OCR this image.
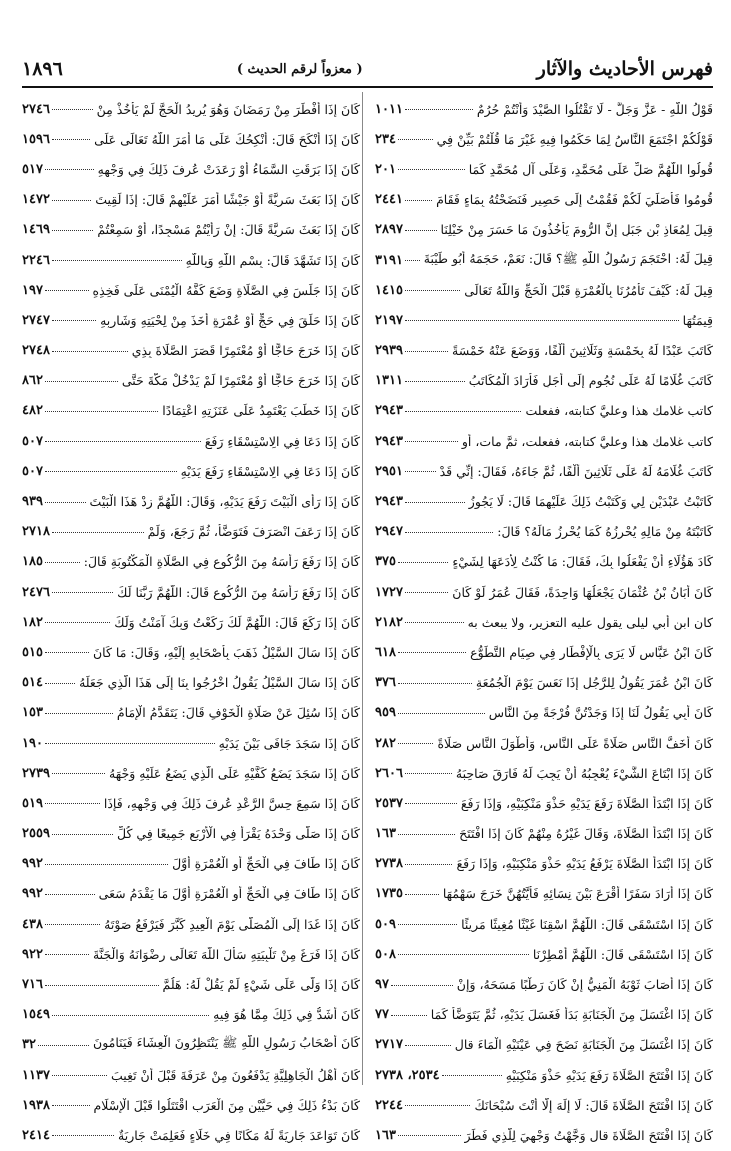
فهرس الأحاديث والآثار
( معزواً لرقم الحديث )
١٨٩٦
قَوْلُ اللَّهِ - عَزَّ وَجَلَّ - لَا تَقْتُلُوا الصَّيْدَ وَأَنْتُمْ حُرُمٌ
١٠١١
قَوْلُكُمْ اجْتَمَعَ النَّاسُ لِمَا حَكَمُوا فِيهِ غَيْرَ مَا قُلْتُمْ بَيِّنْ فِي
٢٣٤
قُولُوا اللَّهُمَّ صَلِّ عَلَى مُحَمَّدٍ، وَعَلَى آلِ مُحَمَّدٍ كَمَا
٢٠١
قُومُوا فَأُصَلِّيَ لَكُمْ فَقُمْتُ إِلَى حَصِيرٍ فَنَضَحْتُهُ بِمَاءٍ فَقَامَ
٢٤٤١
قِيلَ لِمُعَاذِ بْنِ جَبَلٍ إِنَّ الرُّومَ يَأْخُذُونَ مَا حَسَرَ مِنْ خَيْلِنَا
٢٨٩٧
قِيلَ لَهُ: احْتَجَمَ رَسُولُ اللَّهِ ﷺ؟ قَالَ: نَعَمْ، حَجَمَهُ أَبُو طَيْبَةَ
٣١٩١
قِيلَ لَهُ: كَيْفَ تَأْمُرُنَا بِالْعُمْرَةِ قَبْلَ الْحَجِّ وَاللَّهُ تَعَالَى
١٤١٥
قِيمَتُهَا
٢١٩٧
كَاتَبَ عَبْدًا لَهُ بِخَمْسَةٍ وَثَلَاثِينَ أَلْفًا، وَوَضَعَ عَنْهُ خَمْسَةً
٢٩٣٩
كَاتَبَ غُلَامًا لَهُ عَلَى نُجُومٍ إِلَى أَجَلٍ فَأَرَادَ الْمُكَاتَبُ
١٣١١
كاتب غلامك هذا وعليَّ كتابته، ففعلت
٢٩٤٣
كاتب غلامك هذا وعليَّ كتابته، ففعلت، ثمَّ مات، أو
٢٩٤٣
كَاتَبَ غُلَامَهُ لَهُ عَلَى ثَلَاثِينَ أَلْفًا، ثُمَّ جَاءَهُ، فَقَالَ: إِنِّي قَدْ
٢٩٥١
كَاتَبْتُ عَبْدَيْنِ لِي وَكَتَبْتُ ذَلِكَ عَلَيْهِمَا قَالَ: لَا يَجُوزُ
٢٩٤٣
كَاتَبْتَهُ مِنْ مَالِهِ يُحْرِزُهُ كَمَا يُحْرِزُ مَالَهُ؟ قَالَ:
٢٩٤٧
كَادَ هَؤُلَاءِ أَنْ يَفْعَلُوا بِكَ، فَقَالَ: مَا كُنْتُ لِأَدَعَهَا لِشَيْءٍ
٣٧٥
كَانَ أَبَانُ بْنُ عُثْمَانَ يَجْعَلُهَا وَاحِدَةً، فَقَالَ عُمَرُ لَوْ كَانَ
١٧٢٧
كان ابن أبي ليلى يقول عليه التعزير، ولا يبعث به
٢١٨٢
كَانَ ابْنُ عَبَّاسٍ لَا يَرَى بِالْإِفْطَارِ فِي صِيَامِ التَّطَوُّعِ
٦١٨
كَانَ ابْنُ عُمَرَ يَقُولُ لِلرَّجُلِ إِذَا نَعَسَ يَوْمَ الْجُمُعَةِ
٣٧٦
كَانَ أَبِي يَقُولُ لَنَا إِذَا وَجَدْتُنَّ فُرْجَةً مِنَ النَّاسِ
٩٥٩
كَانَ أَخَفَّ النَّاسِ صَلَاةً عَلَى النَّاسِ، وَأَطْوَلَ النَّاسِ صَلَاةً
٢٨٢
كَانَ إِذَا ابْتَاعَ الشَّيْءَ يُعْجِبُهُ أَنْ يَجِبَ لَهُ فَارَقَ صَاحِبَهُ
٢٦٠٦
كَانَ إِذَا ابْتَدَأَ الصَّلَاةَ رَفَعَ يَدَيْهِ حَذْوَ مَنْكِبَيْهِ، وَإِذَا رَفَعَ
٢٥٣٧
كَانَ إِذَا ابْتَدَأَ الصَّلَاةَ، وَقَالَ غَيْرُهُ مِنْهُمْ كَانَ إِذَا افْتَتَحَ
١٦٣
كَانَ إِذَا ابْتَدَأَ الصَّلَاةَ يَرْفَعُ يَدَيْهِ حَذْوَ مَنْكِبَيْهِ، وَإِذَا رَفَعَ
٢٧٣٨
كَانَ إِذَا أَرَادَ سَفَرًا أَقْرَعَ بَيْنَ نِسَائِهِ فَأَيَّتُهُنَّ خَرَجَ سَهْمُهَا
١٧٣٥
كَانَ إِذَا اسْتَسْقَى قَالَ: اللَّهُمَّ اسْقِنَا غَيْثًا مُغِيثًا مَرِيئًا
٥٠٩
كَانَ إِذَا اسْتَسْقَى قَالَ: اللَّهُمَّ أَمْطِرْنَا
٥٠٨
كَانَ إِذَا أَصَابَ ثَوْبَهُ الْمَنِيُّ إِنْ كَانَ رَطْبًا مَسَحَهُ، وَإِنْ
٩٧
كَانَ إِذَا اغْتَسَلَ مِنَ الْجَنَابَةِ بَدَأَ فَغَسَلَ يَدَيْهِ، ثُمَّ يَتَوَضَّأُ كَمَا
٧٧
كَانَ إِذَا اغْتَسَلَ مِنَ الْجَنَابَةِ نَضَحَ فِي عَيْنَيْهِ الْمَاءَ قال
٢٧١٧
كَانَ إِذَا افْتَتَحَ الصَّلَاةَ رَفَعَ يَدَيْهِ حَذْوَ مَنْكِبَيْهِ
٢٥٣٤، ٢٧٣٨
كَانَ إِذَا افْتَتَحَ الصَّلَاةَ قَالَ: لَا إِلَهَ إِلَّا أَنْتَ سُبْحَانَكَ
٢٢٤٤
كَانَ إِذَا افْتَتَحَ الصَّلَاةَ قال وَجَّهْتُ وَجْهِيَ لِلَّذِي فَطَرَ
١٦٣
كَانَ إِذَا أَفْطَرَ مِنْ رَمَضَانَ وَهُوَ يُرِيدُ الْحَجَّ لَمْ يَأْخُذْ مِنْ
٢٧٤٦
كَانَ إِذَا أَنْكَحَ قَالَ: أُنْكِحُكَ عَلَى مَا أَمَرَ اللَّهُ تَعَالَى عَلَى
١٥٩٦
كَانَ إِذَا بَرَقَتِ السَّمَاءُ أَوْ رَعَدَتْ عُرِفَ ذَلِكَ فِي وَجْهِهِ
٥١٧
كَانَ إِذَا بَعَثَ سَرِيَّةً أَوْ جَيْشًا أَمَرَ عَلَيْهِمْ قَالَ: إِذَا لَقِيتَ
١٤٧٢
كَانَ إِذَا بَعَثَ سَرِيَّةً قَالَ: إِنْ رَأَيْتُمْ مَسْجِدًا، أَوْ سَمِعْتُمْ
١٤٦٩
كَانَ إِذَا تَشَهَّدَ قَالَ: بِسْمِ اللَّهِ وَبِاللَّهِ
٢٢٤٦
كَانَ إِذَا جَلَسَ فِي الصَّلَاةِ وَضَعَ كَفَّهُ الْيُمْنَى عَلَى فَخِذِهِ
١٩٧
كَانَ إِذَا حَلَقَ فِي حَجٍّ أَوْ عُمْرَةٍ أَخَذَ مِنْ لِحْيَتِهِ وَشَارِبِهِ
٢٧٤٧
كَانَ إِذَا خَرَجَ حَاجًّا أَوْ مُعْتَمِرًا قَصَرَ الصَّلَاةَ بِذِي
٢٧٤٨
كَانَ إِذَا خَرَجَ حَاجًّا أَوْ مُعْتَمِرًا لَمْ يَدْخُلْ مَكَّةَ حَتَّى
٨٦٢
كَانَ إِذَا خَطَبَ يَعْتَمِدُ عَلَى عَنَزَتِهِ اعْتِمَادًا
٤٨٢
كَانَ إِذَا دَعَا فِي الِاسْتِسْقَاءِ رَفَعَ
٥٠٧
كَانَ إِذَا دَعَا فِي الِاسْتِسْقَاءِ رَفَعَ يَدَيْهِ
٥٠٧
كَانَ إِذَا رَأَى الْبَيْتَ رَفَعَ يَدَيْهِ، وَقَالَ: اللَّهُمَّ زِدْ هَذَا الْبَيْتَ
٩٣٩
كَانَ إِذَا رَعَفَ انْصَرَفَ فَتَوَضَّأَ، ثُمَّ رَجَعَ، وَلَمْ
٢٧١٨
كَانَ إِذَا رَفَعَ رَأْسَهُ مِنَ الرُّكُوعِ فِي الصَّلَاةِ الْمَكْتُوبَةِ قَالَ:
١٨٥
كَانَ إِذَا رَفَعَ رَأْسَهُ مِنَ الرُّكُوعِ قَالَ: اللَّهُمَّ رَبَّنَا لَكَ
٢٤٧٦
كَانَ إِذَا رَكَعَ قَالَ: اللَّهُمَّ لَكَ رَكَعْتُ وَبِكَ آمَنْتُ وَلَكَ
١٨٢
كَانَ إِذَا سَالَ السَّيْلُ ذَهَبَ بِأَصْحَابِهِ إِلَيْهِ، وَقَالَ: مَا كَانَ
٥١٥
كَانَ إِذَا سَالَ السَّيْلُ يَقُولُ اخْرُجُوا بِنَا إِلَى هَذَا الَّذِي جَعَلَهُ
٥١٤
كَانَ إِذَا سُئِلَ عَنْ صَلَاةِ الْخَوْفِ قَالَ: يَتَقَدَّمُ الْإِمَامُ
١٥٣
كَانَ إِذَا سَجَدَ جَافَى بَيْنَ يَدَيْهِ
١٩٠
كَانَ إِذَا سَجَدَ يَضَعُ كَفَّيْهِ عَلَى الَّذِي يَضَعُ عَلَيْهِ وَجْهَهُ
٢٧٣٩
كَانَ إِذَا سَمِعَ حِسَّ الرَّعْدِ عُرِفَ ذَلِكَ فِي وَجْهِهِ، فَإِذَا
٥١٩
كَانَ إِذَا صَلَّى وَحْدَهُ يَقْرَأُ فِي الْأَرْبَعِ جَمِيعًا فِي كُلِّ
٢٥٥٩
كَانَ إِذَا طَافَ فِي الْحَجِّ أَوِ الْعُمْرَةِ أَوَّلَ
٩٩٢
كَانَ إِذَا طَافَ فِي الْحَجِّ أَوِ الْعُمْرَةِ أَوَّلَ مَا يَقْدَمُ سَعَى
٩٩٢
كَانَ إِذَا غَدَا إِلَى الْمُصَلَّى يَوْمَ الْعِيدِ كَبَّرَ فَيَرْفَعُ صَوْتَهُ
٤٣٨
كَانَ إِذَا فَرَغَ مِنْ تَلْبِيَتِهِ سَأَلَ اللَّهَ تَعَالَى رِضْوَانَهُ وَالْجَنَّةَ
٩٢٢
كَانَ إِذَا وَلَّى عَلَى شَيْءٍ لَمْ يَقُلْ لَهُ: هَلُمَّ
٧١٦
كَانَ أَشَدُّ فِي ذَلِكَ مِمَّا هُوَ فِيهِ
١٥٤٩
كَانَ أَصْحَابُ رَسُولِ اللَّهِ ﷺ يَنْتَظِرُونَ الْعِشَاءَ فَيَنَامُونَ
٣٢
كَانَ أَهْلُ الْجَاهِلِيَّةِ يَدْفَعُونَ مِنْ عَرَفَةَ قَبْلَ أَنْ تَغِيبَ
١١٣٧
كَانَ بَدْءُ ذَلِكَ فِي حَيَّيْنِ مِنَ الْعَرَبِ اقْتَتَلُوا قَبْلَ الْإِسْلَامِ
١٩٣٨
كَانَ تَوَاعَدَ جَارِيَةً لَهُ مَكَانًا فِي خَلَاءٍ فَعَلِمَتْ جَارِيَةٌ
٢٤١٤
